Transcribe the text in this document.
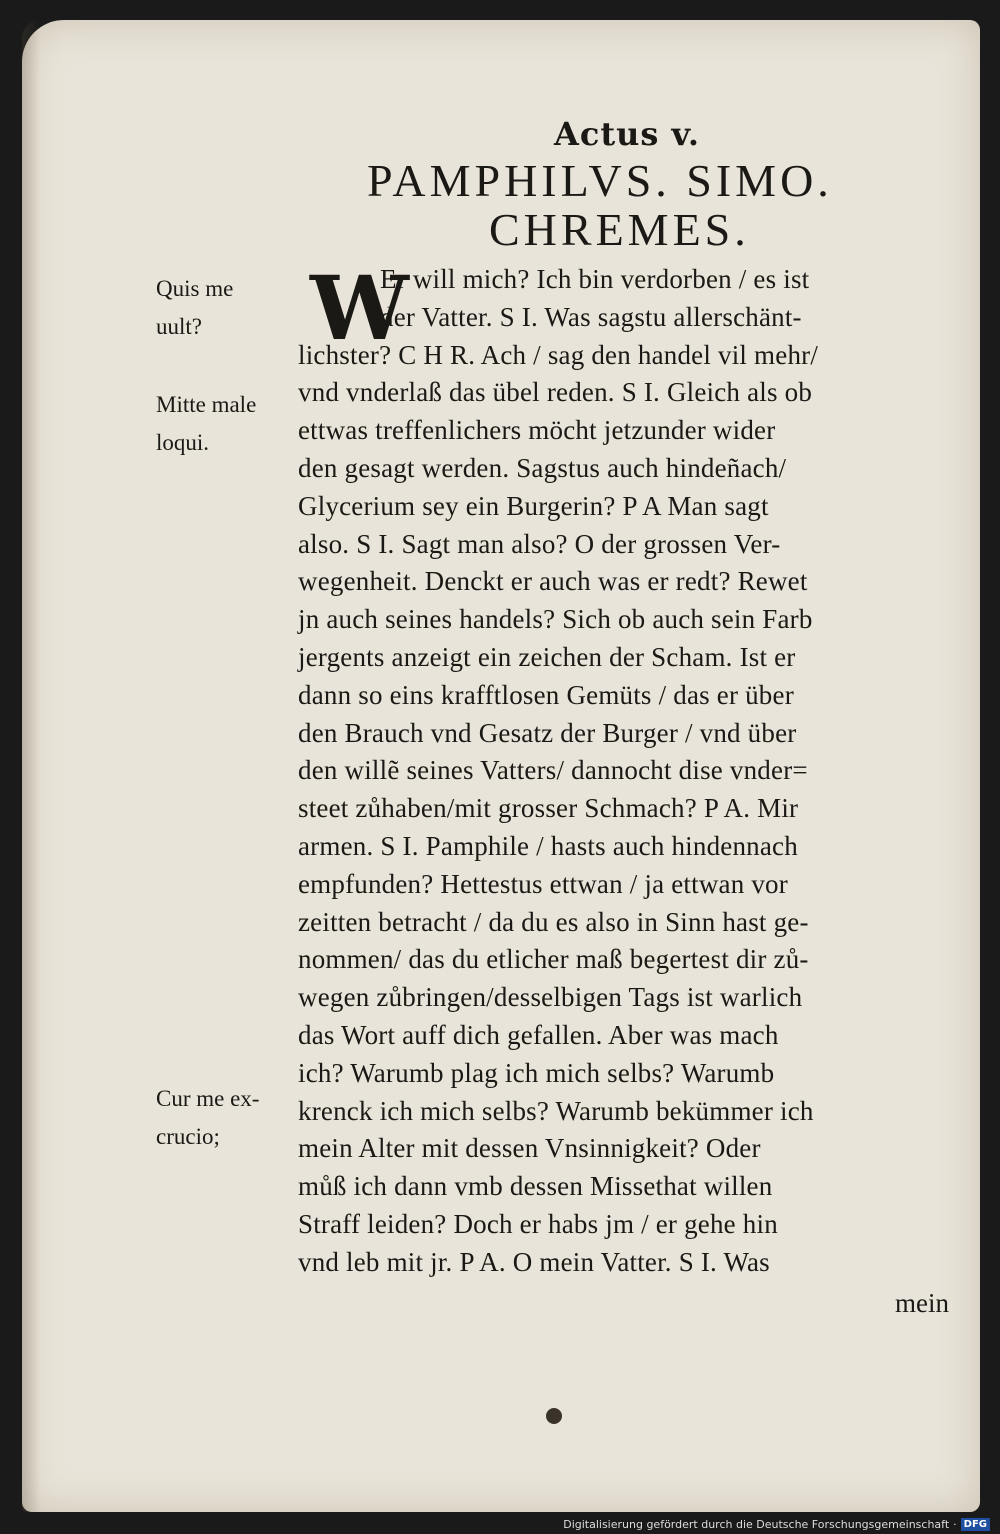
Actus v.
PAMPHILVS. SIMO.
CHREMES.
Quis me
uult?
Mitte male
loqui.
Cur me ex-
crucio;
W
Er will mich? Ich bin verdorben / es ist
der Vatter. S I. Was sagstu allerschänt-
lichster? C H R. Ach / sag den handel vil mehr/
vnd vnderlaß das übel reden. S I. Gleich als ob
ettwas treffenlichers möcht jetzunder wider
den gesagt werden. Sagstus auch hindeñach/
Glycerium sey ein Burgerin? P A Man sagt
also. S I. Sagt man also? O der grossen Ver-
wegenheit. Denckt er auch was er redt? Rewet
jn auch seines handels? Sich ob auch sein Farb
jergents anzeigt ein zeichen der Scham. Ist er
dann so eins krafftlosen Gemüts / das er über
den Brauch vnd Gesatz der Burger / vnd über
den willẽ seines Vatters/ dannocht dise vnder=
steet zůhaben/mit grosser Schmach? P A. Mir
armen. S I. Pamphile / hasts auch hindennach
empfunden? Hettestus ettwan / ja ettwan vor
zeitten betracht / da du es also in Sinn hast ge-
nommen/ das du etlicher maß begertest dir zů-
wegen zůbringen/desselbigen Tags ist warlich
das Wort auff dich gefallen. Aber was mach
ich? Warumb plag ich mich selbs? Warumb
krenck ich mich selbs? Warumb bekümmer ich
mein Alter mit dessen Vnsinnigkeit? Oder
můß ich dann vmb dessen Missethat willen
Straff leiden? Doch er habs jm / er gehe hin
vnd leb mit jr. P A. O mein Vatter. S I. Was
mein
Digitalisierung gefördert durch die Deutsche Forschungsgemeinschaft · DFG
